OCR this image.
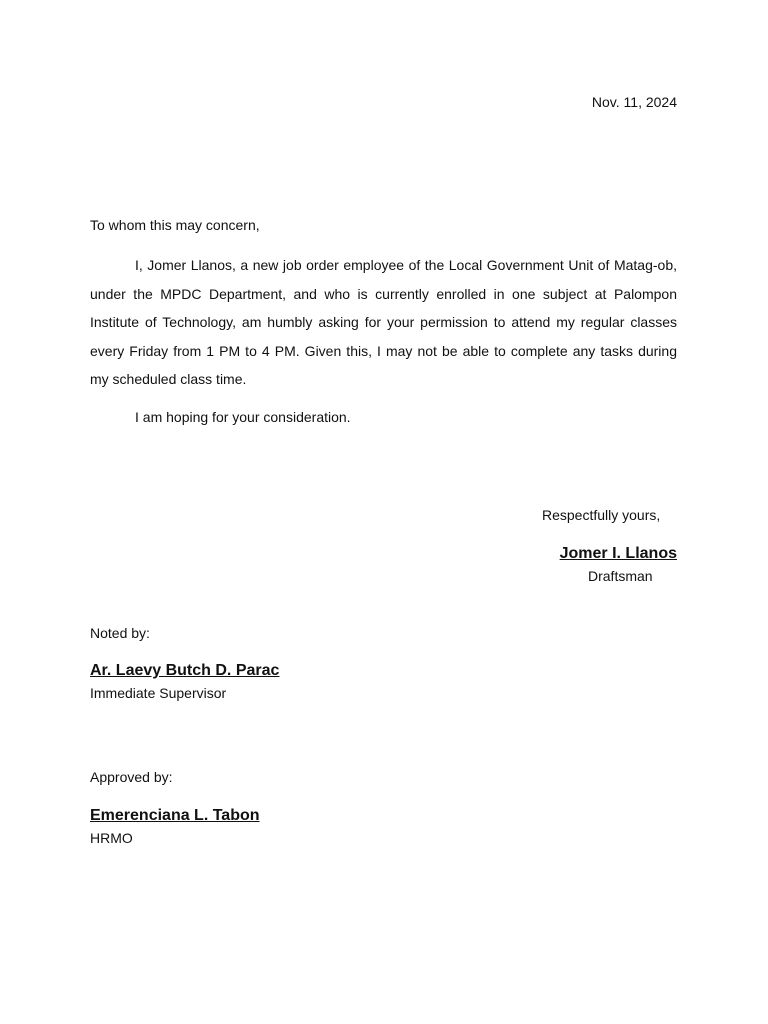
Nov. 11, 2024
To whom this may concern,
I, Jomer Llanos, a new job order employee of the Local Government Unit of Matag-ob, under the MPDC Department, and who is currently enrolled in one subject at Palompon Institute of Technology, am humbly asking for your permission to attend my regular classes every Friday from 1 PM to 4 PM. Given this, I may not be able to complete any tasks during my scheduled class time.
I am hoping for your consideration.
Respectfully yours,
Jomer I. Llanos
Draftsman
Noted by:
Ar. Laevy Butch D. Parac
Immediate Supervisor
Approved by:
Emerenciana L. Tabon
HRMO
